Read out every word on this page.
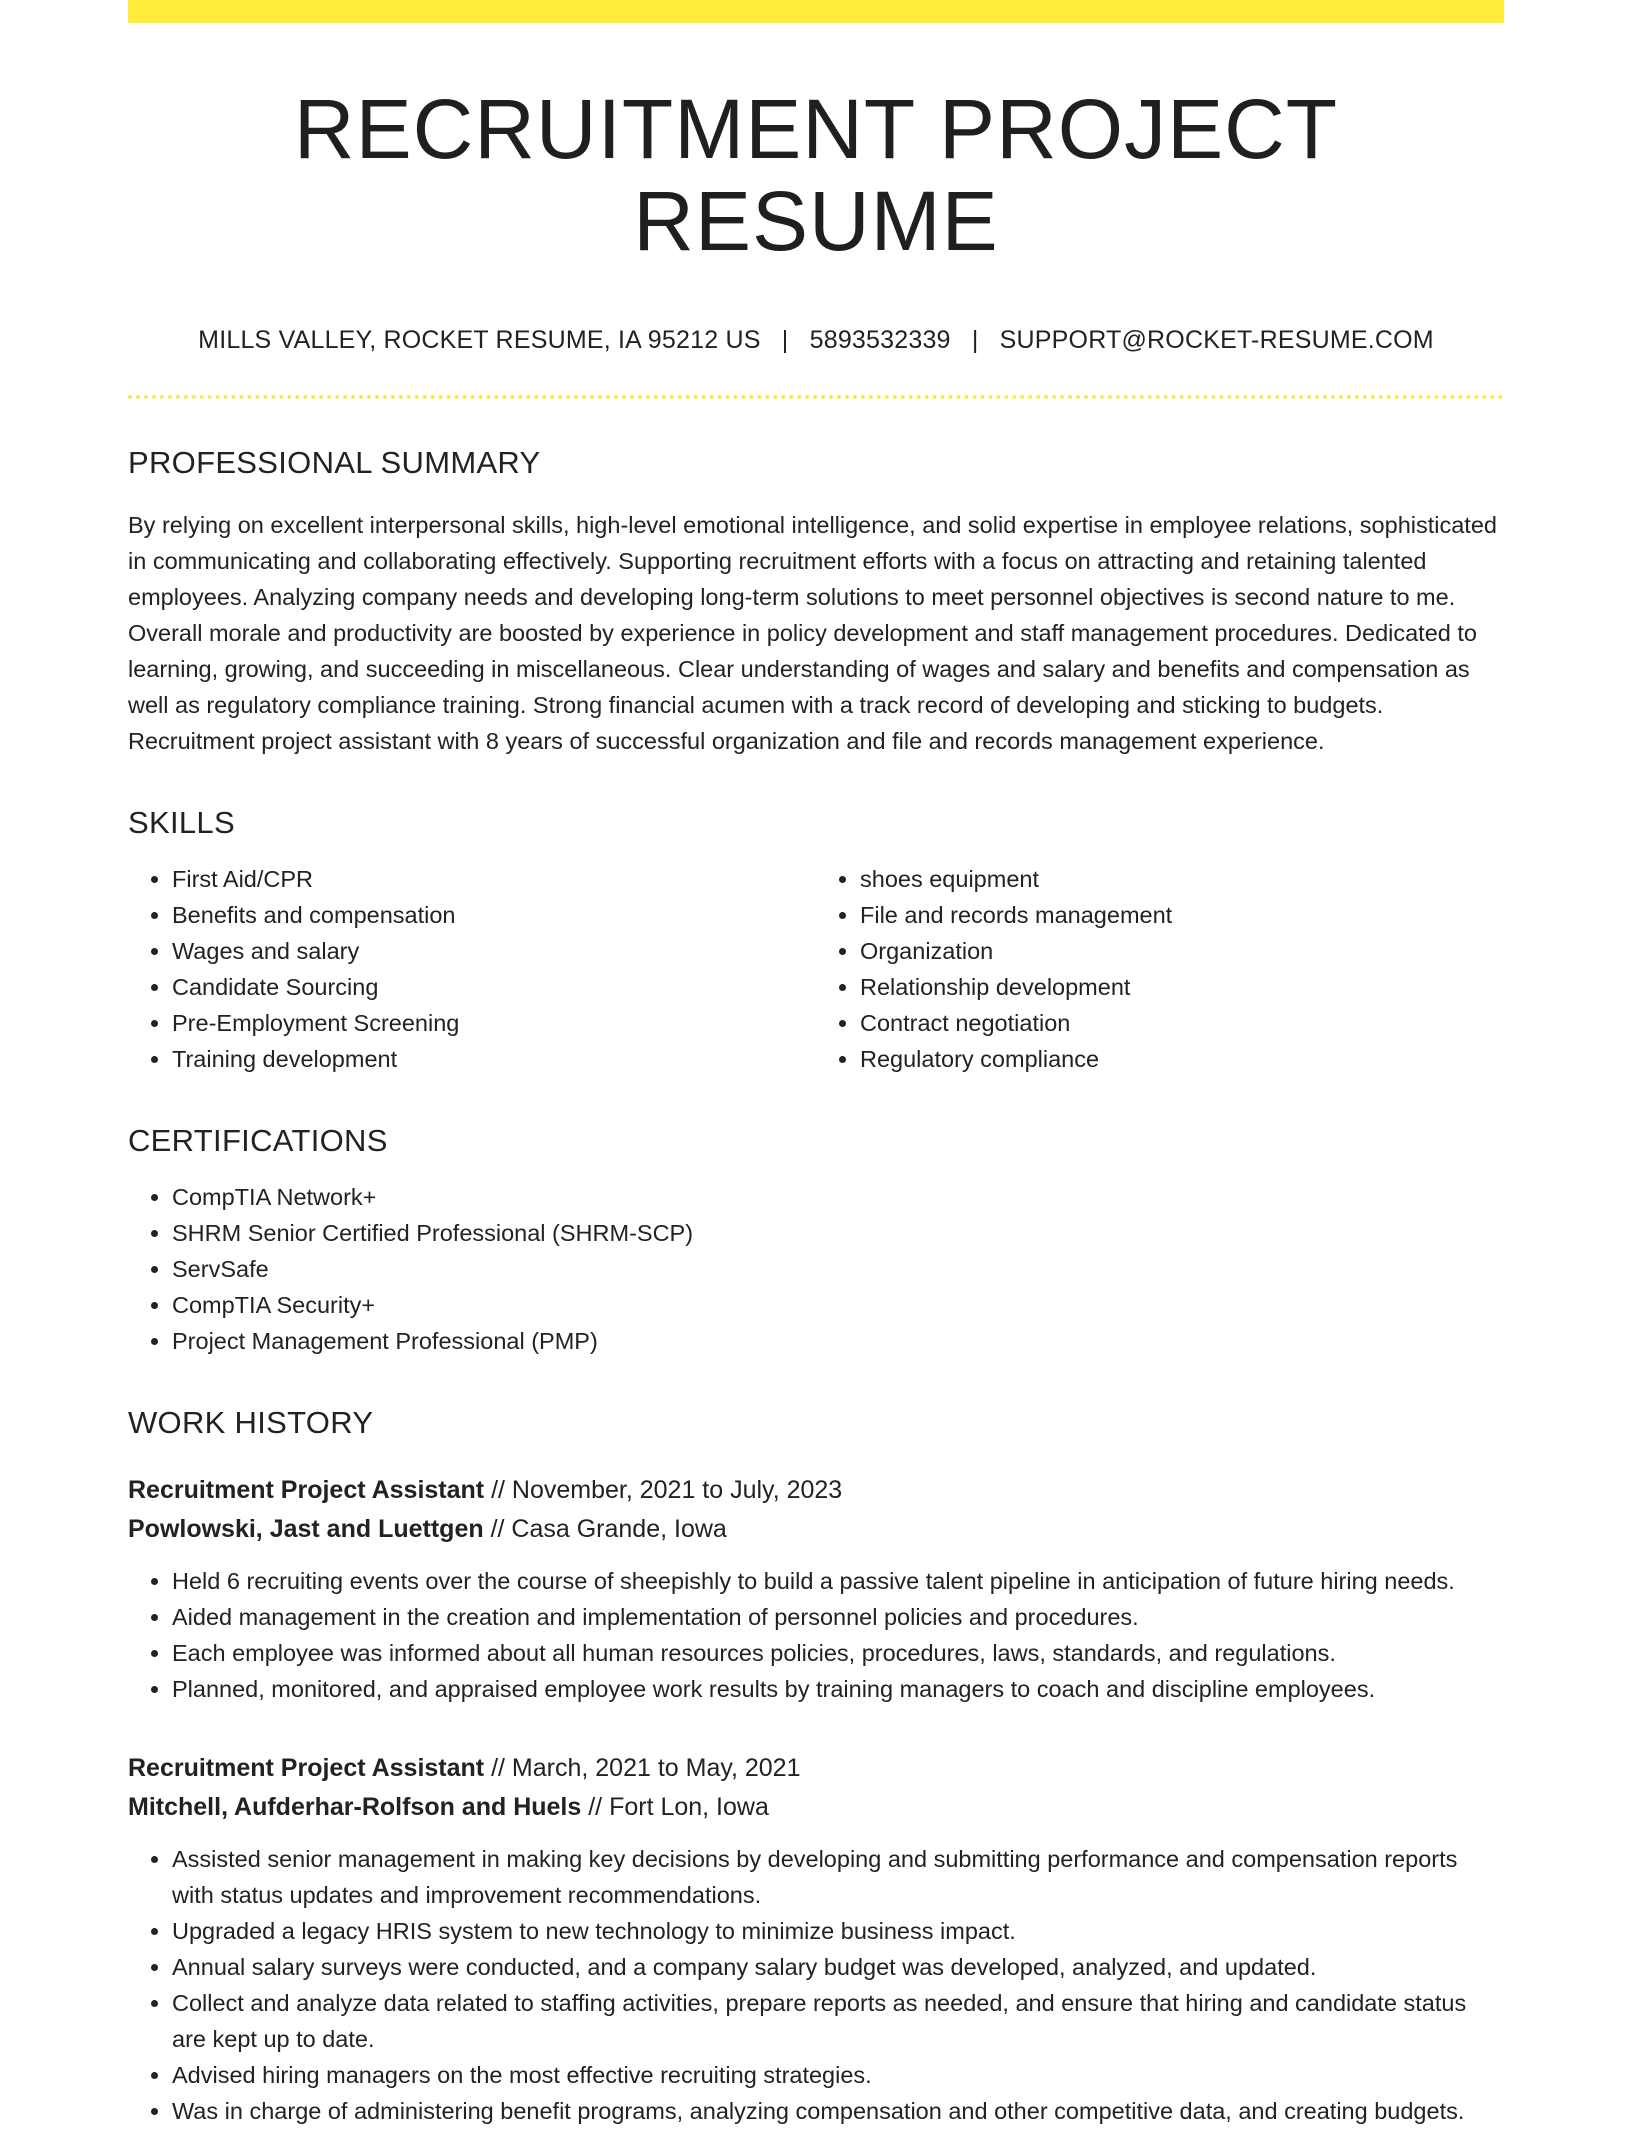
RECRUITMENT PROJECT RESUME
MILLS VALLEY, ROCKET RESUME, IA 95212 US | 5893532339 | SUPPORT@ROCKET-RESUME.COM
PROFESSIONAL SUMMARY

By relying on excellent interpersonal skills, high-level emotional intelligence, and solid expertise in employee relations, sophisticated in communicating and collaborating effectively. Supporting recruitment efforts with a focus on attracting and retaining talented employees. Analyzing company needs and developing long-term solutions to meet personnel objectives is second nature to me. Overall morale and productivity are boosted by experience in policy development and staff management procedures. Dedicated to learning, growing, and succeeding in miscellaneous. Clear understanding of wages and salary and benefits and compensation as well as regulatory compliance training. Strong financial acumen with a track record of developing and sticking to budgets. Recruitment project assistant with 8 years of successful organization and file and records management experience.

SKILLS
• First Aid/CPR
• Benefits and compensation
• Wages and salary
• Candidate Sourcing
• Pre-Employment Screening
• Training development
• shoes equipment
• File and records management
• Organization
• Relationship development
• Contract negotiation
• Regulatory compliance
CERTIFICATIONS
• CompTIA Network+
• SHRM Senior Certified Professional (SHRM-SCP)
• ServSafe
• CompTIA Security+
• Project Management Professional (PMP)
WORK HISTORY
Recruitment Project Assistant // November, 2021 to July, 2023
Powlowski, Jast and Luettgen // Casa Grande, Iowa
• Held 6 recruiting events over the course of sheepishly to build a passive talent pipeline in anticipation of future hiring needs.
• Aided management in the creation and implementation of personnel policies and procedures.
• Each employee was informed about all human resources policies, procedures, laws, standards, and regulations.
• Planned, monitored, and appraised employee work results by training managers to coach and discipline employees.
Recruitment Project Assistant // March, 2021 to May, 2021
Mitchell, Aufderhar-Rolfson and Huels // Fort Lon, Iowa
• Assisted senior management in making key decisions by developing and submitting performance and compensation reports with status updates and improvement recommendations.
• Upgraded a legacy HRIS system to new technology to minimize business impact.
• Annual salary surveys were conducted, and a company salary budget was developed, analyzed, and updated.
• Collect and analyze data related to staffing activities, prepare reports as needed, and ensure that hiring and candidate status are kept up to date.
• Advised hiring managers on the most effective recruiting strategies.
• Was in charge of administering benefit programs, analyzing compensation and other competitive data, and creating budgets.
